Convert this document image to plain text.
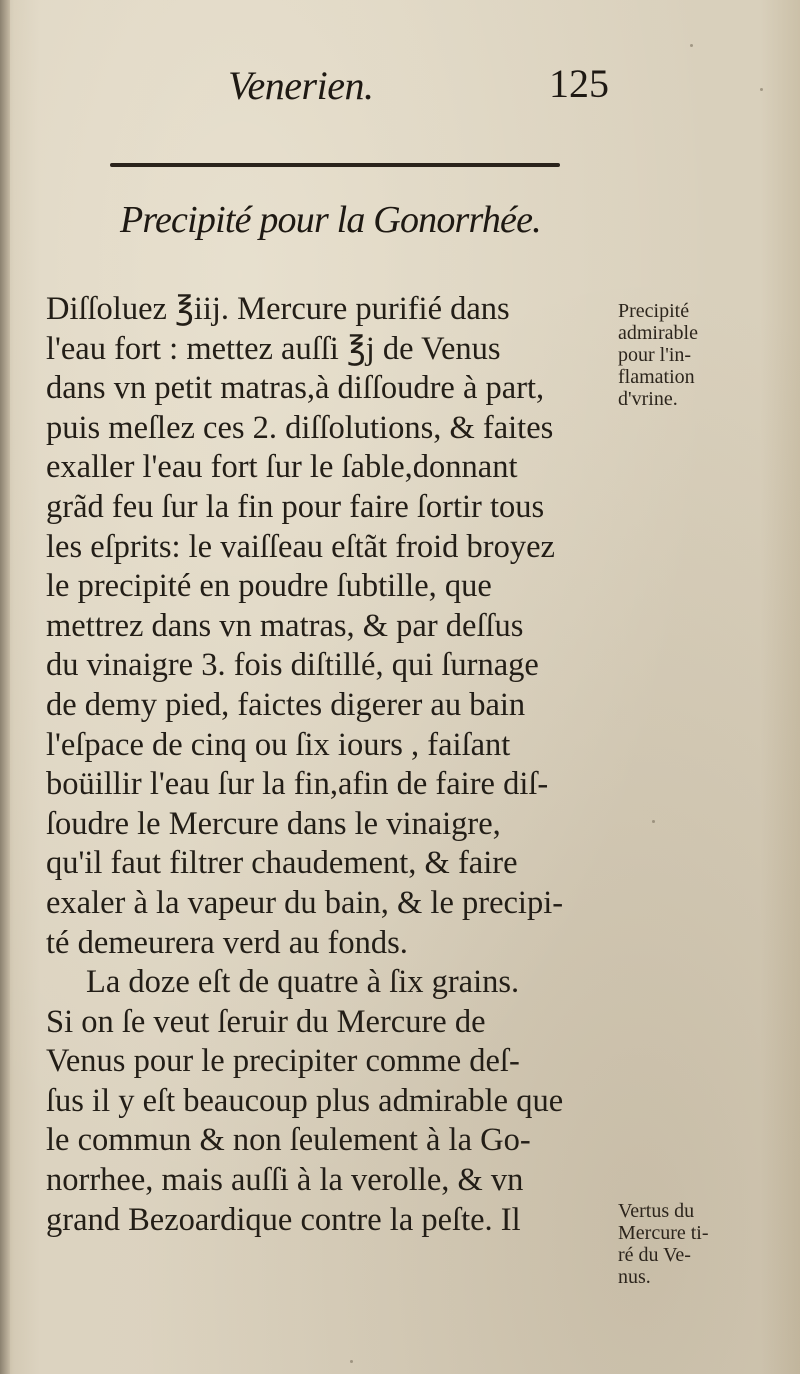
Venerien.	125
Precipité pour la Gonorrhée.
Diſſoluez ℥iij. Mercure purifié dans
l'eau fort : mettez auſſi ℥j de Venus
dans vn petit matras,à diſſoudre à part,
puis meſlez ces 2. diſſolutions, & faites
exaller l'eau fort ſur le ſable,donnant
grãd feu ſur la fin pour faire ſortir tous
les eſprits: le vaiſſeau eſtãt froid broyez
le precipité en poudre ſubtille, que
mettrez dans vn matras, & par deſſus
du vinaigre 3. fois diſtillé, qui ſurnage
de demy pied, faictes digerer au bain
l'eſpace de cinq ou ſix iours , faiſant
boüillir l'eau ſur la fin,afin de faire diſ-
ſoudre le Mercure dans le vinaigre,
qu'il faut filtrer chaudement, & faire
exaler à la vapeur du bain, & le precipi-
té demeurera verd au fonds.
La doze eſt de quatre à ſix grains.
Si on ſe veut ſeruir du Mercure de
Venus pour le precipiter comme deſ-
ſus il y eſt beaucoup plus admirable que
le commun & non ſeulement à la Go-
norrhee, mais auſſi à la verolle, & vn
grand Bezoardique contre la peſte. Il
Precipité
admirable
pour l'in-
flamation
d'vrine.
Vertus du
Mercure ti-
ré du Ve-
nus.
